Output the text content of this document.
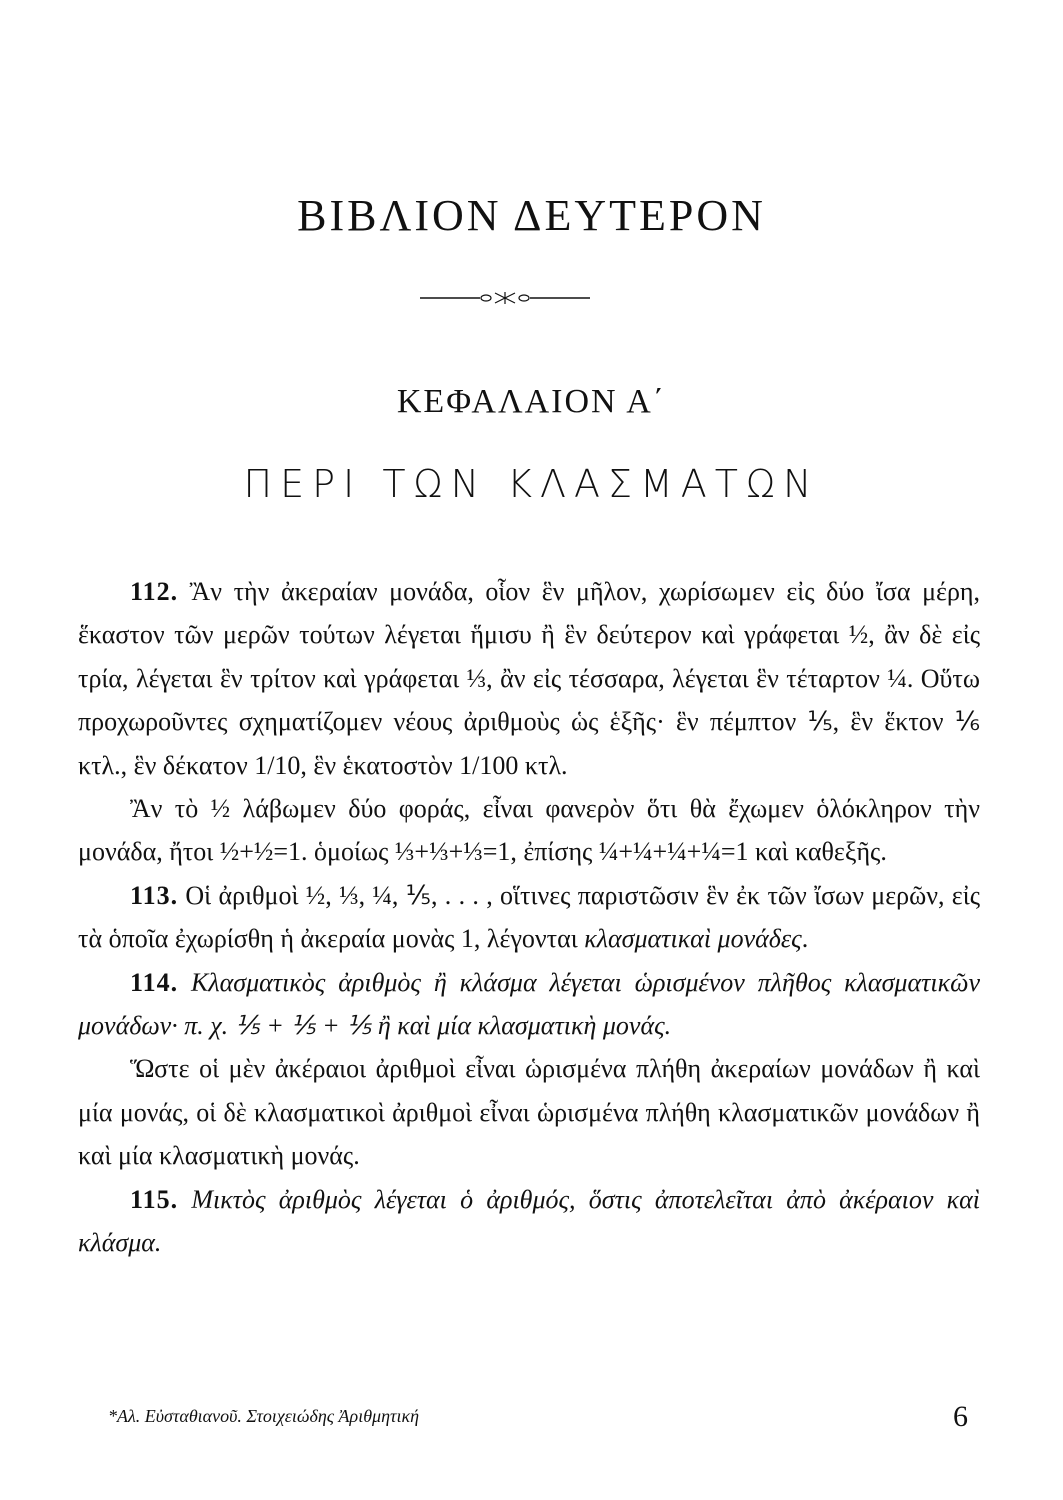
ΒΙΒΛΙΟΝ ΔΕΥΤΕΡΟΝ
ΚΕΦΑΛΑΙΟΝ Α΄
ΠΕΡΙ ΤΩΝ ΚΛΑΣΜΑΤΩΝ

112. Ἂν τὴν ἀκεραίαν μονάδα, οἷον ἓν μῆλον, χωρίσωμεν εἰς δύο ἴσα μέρη, ἕκαστον τῶν μερῶν τούτων λέγεται ἥμισυ ἢ ἓν δεύτερον καὶ γράφεται ½, ἂν δὲ εἰς τρία, λέγεται ἓν τρίτον καὶ γράφεται ⅓, ἂν εἰς τέσσαρα, λέγεται ἓν τέταρτον ¼. Οὕτω προχωροῦντες σχηματίζομεν νέους ἀριθμοὺς ὡς ἑξῆς· ἓν πέμπτον ⅕, ἓν ἕκτον ⅙ κτλ., ἓν δέκατον 1/10, ἓν ἑκατοστὸν 1/100 κτλ.

Ἂν τὸ ½ λάβωμεν δύο φοράς, εἶναι φανερὸν ὅτι θὰ ἔχωμεν ὁλόκληρον τὴν μονάδα, ἤτοι ½+½=1. ὁμοίως ⅓+⅓+⅓=1, ἐπίσης ¼+¼+¼+¼=1 καὶ καθεξῆς.

113. Οἱ ἀριθμοὶ ½, ⅓, ¼, ⅕, . . . , οἵτινες παριστῶσιν ἓν ἐκ τῶν ἴσων μερῶν, εἰς τὰ ὁποῖα ἐχωρίσθη ἡ ἀκεραία μονὰς 1, λέγονται κλασματικαὶ μονάδες.

114. Κλασματικὸς ἀριθμὸς ἢ κλάσμα λέγεται ὡρισμένον πλῆθος κλασματικῶν μονάδων· π. χ. ⅕ + ⅕ + ⅕ ἢ καὶ μία κλασματικὴ μονάς.

Ὥστε οἱ μὲν ἀκέραιοι ἀριθμοὶ εἶναι ὡρισμένα πλήθη ἀκεραίων μονάδων ἢ καὶ μία μονάς, οἱ δὲ κλασματικοὶ ἀριθμοὶ εἶναι ὡρισμένα πλήθη κλασματικῶν μονάδων ἢ καὶ μία κλασματικὴ μονάς.

115. Μικτὸς ἀριθμὸς λέγεται ὁ ἀριθμός, ὅστις ἀποτελεῖται ἀπὸ ἀκέραιον καὶ κλάσμα.

*Αλ. Εὐσταθιανοῦ. Στοιχειώδης Ἀριθμητική	6
